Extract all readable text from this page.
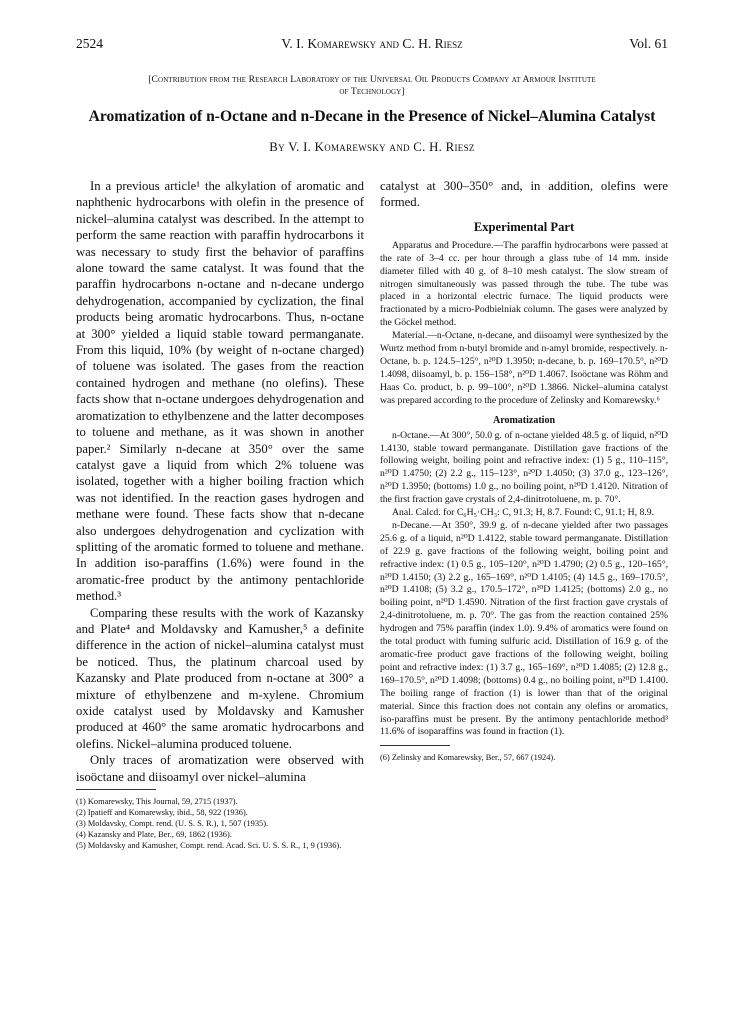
2524	V. I. Komarewsky and C. H. Riesz	Vol. 61
[Contribution from the Research Laboratory of the Universal Oil Products Company at Armour Institute
of Technology]
Aromatization of n-Octane and n-Decane in the Presence of Nickel–Alumina Catalyst
By V. I. Komarewsky and C. H. Riesz

In a previous article¹ the alkylation of aromatic and naphthenic hydrocarbons with olefin in the presence of nickel–alumina catalyst was described. In the attempt to perform the same reaction with paraffin hydrocarbons it was necessary to study first the behavior of paraffins alone toward the same catalyst. It was found that the paraffin hydrocarbons n-octane and n-decane undergo dehydrogenation, accompanied by cyclization, the final products being aromatic hydrocarbons. Thus, n-octane at 300° yielded a liquid stable toward permanganate. From this liquid, 10% (by weight of n-octane charged) of toluene was isolated. The gases from the reaction contained hydrogen and methane (no olefins). These facts show that n-octane undergoes dehydrogenation and aromatization to ethylbenzene and the latter decomposes to toluene and methane, as it was shown in another paper.² Similarly n-decane at 350° over the same catalyst gave a liquid from which 2% toluene was isolated, together with a higher boiling fraction which was not identified. In the reaction gases hydrogen and methane were found. These facts show that n-decane also undergoes dehydrogenation and cyclization with splitting of the aromatic formed to toluene and methane. In addition iso-paraffins (1.6%) were found in the aromatic-free product by the antimony pentachloride method.³

Comparing these results with the work of Kazansky and Plate⁴ and Moldavsky and Kamusher,⁵ a definite difference in the action of nickel–alumina catalyst must be noticed. Thus, the platinum charcoal used by Kazansky and Plate produced from n-octane at 300° a mixture of ethylbenzene and m-xylene. Chromium oxide catalyst used by Moldavsky and Kamusher produced at 460° the same aromatic hydrocarbons and olefins. Nickel–alumina produced toluene.

Only traces of aromatization were observed with isoöctane and diisoamyl over nickel–alumina

(1) Komarewsky, This Journal, 59, 2715 (1937).
(2) Ipatieff and Komarewsky, ibid., 58, 922 (1936).
(3) Moldavsky, Compt. rend. (U. S. S. R.), 1, 507 (1935).
(4) Kazansky and Plate, Ber., 69, 1862 (1936).
(5) Moldavsky and Kamusher, Compt. rend. Acad. Sci. U. S. S. R., 1, 9 (1936).

catalyst at 300–350° and, in addition, olefins were formed.

Experimental Part

Apparatus and Procedure.—The paraffin hydrocarbons were passed at the rate of 3–4 cc. per hour through a glass tube of 14 mm. inside diameter filled with 40 g. of 8–10 mesh catalyst. The slow stream of nitrogen simultaneously was passed through the tube. The tube was placed in a horizontal electric furnace. The liquid products were fractionated by a micro-Podbielniak column. The gases were analyzed by the Göckel method.

Material.—n-Octane, n-decane, and diisoamyl were synthesized by the Wurtz method from n-butyl bromide and n-amyl bromide, respectively. n-Octane, b. p. 124.5–125°, n²⁰D 1.3950; n-decane, b. p. 169–170.5°, n²⁰D 1.4098, diisoamyl, b. p. 156–158°, n²⁰D 1.4067. Isoöctane was Röhm and Haas Co. product, b. p. 99–100°, n²⁰D 1.3866. Nickel–alumina catalyst was prepared according to the procedure of Zelinsky and Komarewsky.⁶

Aromatization

n-Octane.—At 300°, 50.0 g. of n-octane yielded 48.5 g. of liquid, n²⁰D 1.4130, stable toward permanganate. Distillation gave fractions of the following weight, boiling point and refractive index: (1) 5 g., 110–115°, n²⁰D 1.4750; (2) 2.2 g., 115–123°, n²⁰D 1.4050; (3) 37.0 g., 123–126°, n²⁰D 1.3950; (bottoms) 1.0 g., no boiling point, n²⁰D 1.4120. Nitration of the first fraction gave crystals of 2,4-dinitrotoluene, m. p. 70°.

Anal. Calcd. for C₆H₅·CH₃: C, 91.3; H, 8.7. Found: C, 91.1; H, 8.9.

n-Decane.—At 350°, 39.9 g. of n-decane yielded after two passages 25.6 g. of a liquid, n²⁰D 1.4122, stable toward permanganate. Distillation of 22.9 g. gave fractions of the following weight, boiling point and refractive index: (1) 0.5 g., 105–120°, n²⁰D 1.4790; (2) 0.5 g., 120–165°, n²⁰D 1.4150; (3) 2.2 g., 165–169°, n²⁰D 1.4105; (4) 14.5 g., 169–170.5°, n²⁰D 1.4108; (5) 3.2 g., 170.5–172°, n²⁰D 1.4125; (bottoms) 2.0 g., no boiling point, n²⁰D 1.4590. Nitration of the first fraction gave crystals of 2,4-dinitrotoluene, m. p. 70°. The gas from the reaction contained 25% hydrogen and 75% paraffin (index 1.0). 9.4% of aromatics were found on the total product with fuming sulfuric acid. Distillation of 16.9 g. of the aromatic-free product gave fractions of the following weight, boiling point and refractive index: (1) 3.7 g., 165–169°, n²⁰D 1.4085; (2) 12.8 g., 169–170.5°, n²⁰D 1.4098; (bottoms) 0.4 g., no boiling point, n²⁰D 1.4100. The boiling range of fraction (1) is lower than that of the original material. Since this fraction does not contain any olefins or aromatics, iso-paraffins must be present. By the antimony pentachloride method³ 11.6% of isoparaffins was found in fraction (1).

(6) Zelinsky and Komarewsky, Ber., 57, 667 (1924).
